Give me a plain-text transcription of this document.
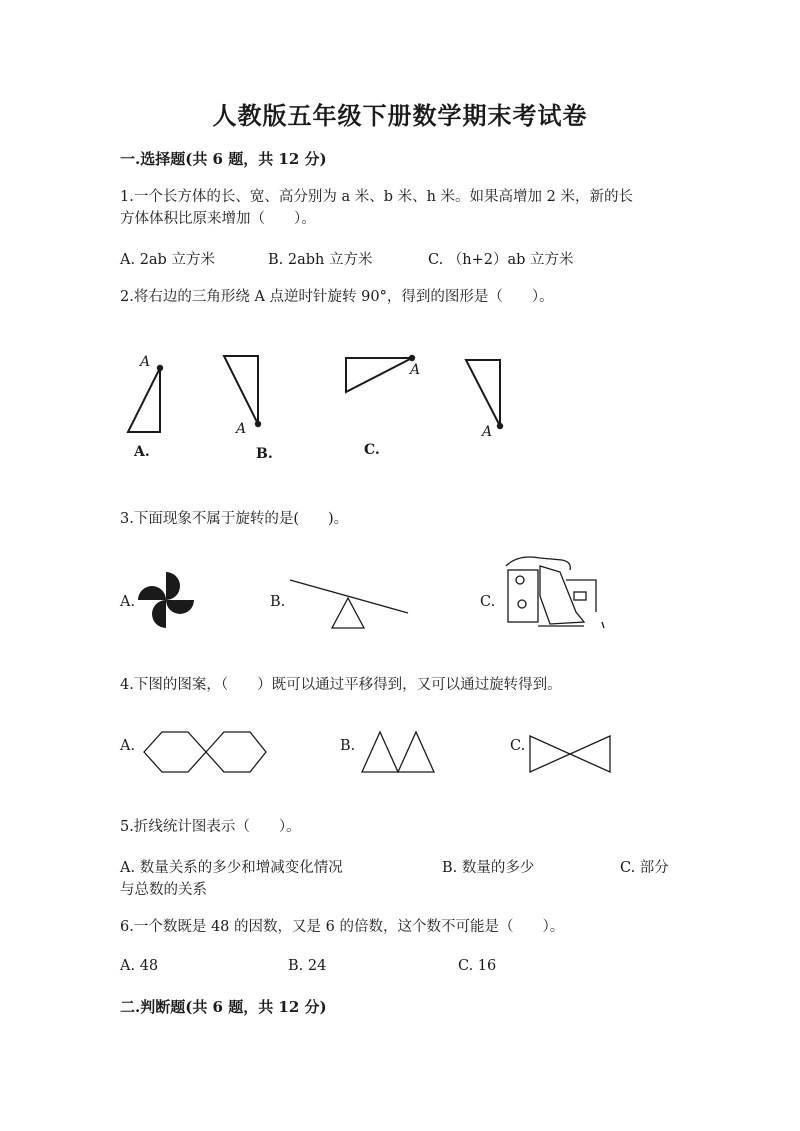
人教版五年级下册数学期末考试卷
一.选择题(共 6 题，共 12 分)
1.一个长方体的长、宽、高分别为 a 米、b 米、h 米。如果高增加 2 米，新的长
方体体积比原来增加（　　）。
A. 2ab 立方米	B. 2abh 立方米	C. （h+2）ab 立方米
2.将右边的三角形绕 A 点逆时针旋转 90°，得到的图形是（　　）。
A
A
A
A
A.	B.	C.
3.下面现象不属于旋转的是(　　)。
A.	B.	C.
4.下图的图案，（　　）既可以通过平移得到，又可以通过旋转得到。
A.	B.	C.
5.折线统计图表示（　　）。
A. 数量关系的多少和增减变化情况	B. 数量的多少	C. 部分
与总数的关系
6.一个数既是 48 的因数，又是 6 的倍数，这个数不可能是（　　）。
A. 48	B. 24	C. 16
二.判断题(共 6 题，共 12 分)
